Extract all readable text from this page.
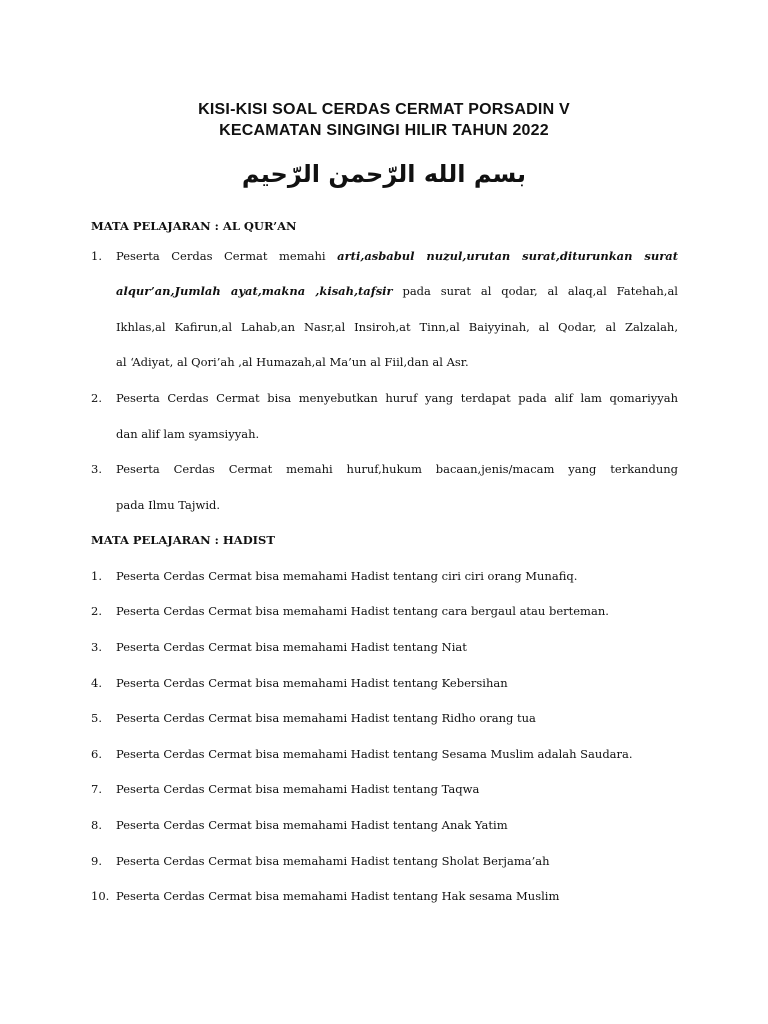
KISI-KISI SOAL CERDAS CERMAT PORSADIN V
KECAMATAN SINGINGI HILIR TAHUN 2022
بسم الله الرّحمن الرّحيم
MATA PELAJARAN : AL QUR’AN
1. Peserta Cerdas Cermat memahi arti,asbabul nuzul,urutan surat,diturunkan surat
alqur’an,Jumlah ayat,makna ,kisah,tafsir pada surat al qodar, al alaq,al Fatehah,al
Ikhlas,al Kafirun,al Lahab,an Nasr,al Insiroh,at Tinn,al Baiyyinah, al Qodar, al Zalzalah,
al ‘Adiyat, al Qori’ah ,al Humazah,al Ma’un al Fiil,dan al Asr.
2. Peserta Cerdas Cermat bisa menyebutkan huruf yang terdapat pada alif lam qomariyyah
dan alif lam syamsiyyah.
3. Peserta Cerdas Cermat memahi huruf,hukum bacaan,jenis/macam yang terkandung
pada Ilmu Tajwid.
MATA PELAJARAN : HADIST
1. Peserta Cerdas Cermat bisa memahami Hadist tentang ciri ciri orang Munafiq.
2. Peserta Cerdas Cermat bisa memahami Hadist tentang cara bergaul atau berteman.
3. Peserta Cerdas Cermat bisa memahami Hadist tentang Niat
4. Peserta Cerdas Cermat bisa memahami Hadist tentang Kebersihan
5. Peserta Cerdas Cermat bisa memahami Hadist tentang Ridho orang tua
6. Peserta Cerdas Cermat bisa memahami Hadist tentang Sesama Muslim adalah Saudara.
7. Peserta Cerdas Cermat bisa memahami Hadist tentang Taqwa
8. Peserta Cerdas Cermat bisa memahami Hadist tentang Anak Yatim
9. Peserta Cerdas Cermat bisa memahami Hadist tentang Sholat Berjama’ah
10. Peserta Cerdas Cermat bisa memahami Hadist tentang Hak sesama Muslim
